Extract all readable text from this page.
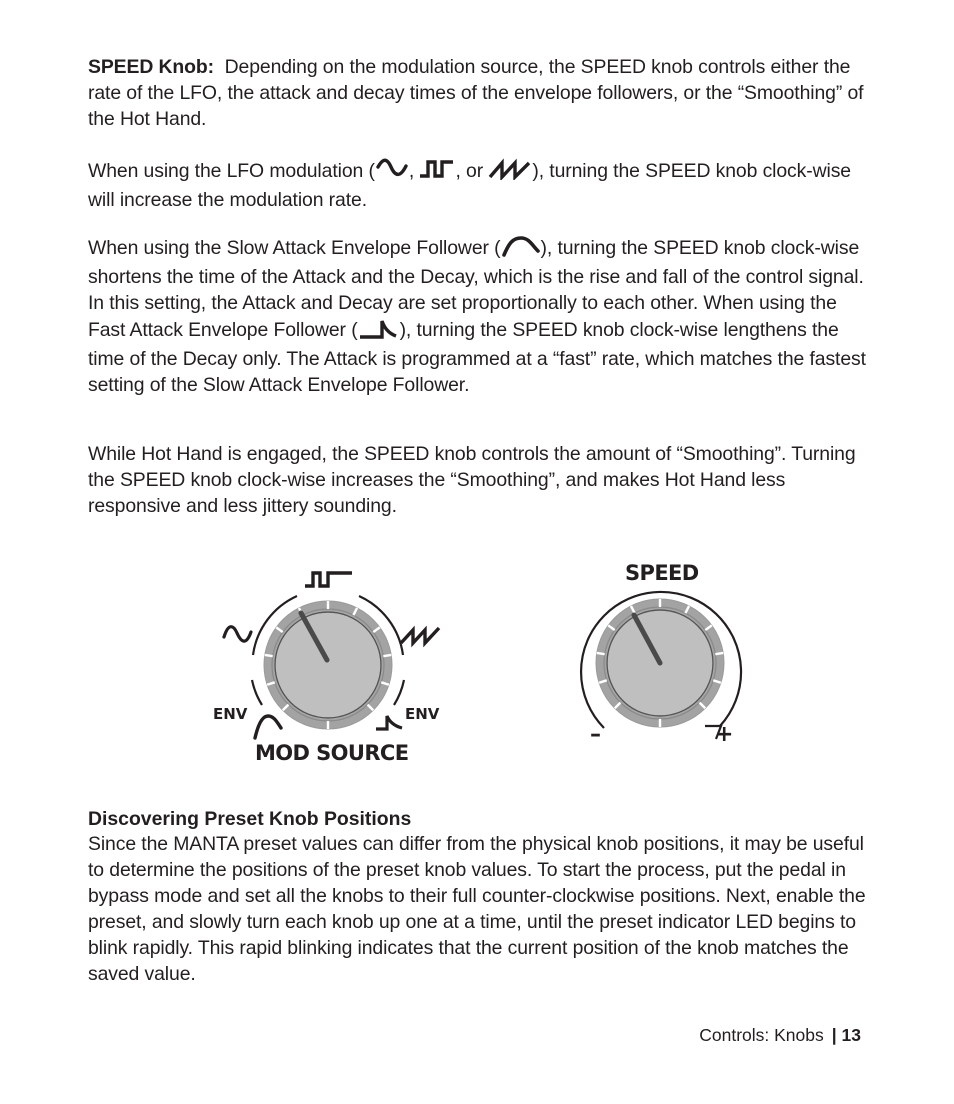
SPEED Knob: Depending on the modulation source, the SPEED knob controls either the rate of the LFO, the attack and decay times of the envelope followers, or the “Smoothing” of the Hot Hand.

When using the LFO modulation ( , , or	), turning the SPEED knob clock-wise will increase the modulation rate.

When using the Slow Attack Envelope Follower ( ), turning the SPEED knob clock-wise shortens the time of the Attack and the Decay, which is the rise and fall of the control signal. In this setting, the Attack and Decay are set proportionally to each other. When using the Fast Attack Envelope Follower ( ), turning the SPEED knob clock-wise lengthens the time of the Decay only. The Attack is programmed at a “fast” rate, which matches the fastest setting of the Slow Attack Envelope Follower.

While Hot Hand is engaged, the SPEED knob controls the amount of “Smoothing”. Turning the SPEED knob clock-wise increases the “Smoothing”, and makes Hot Hand less responsive and less jittery sounding.

ENV	ENV
MOD SOURCE
SPEED
–	+
Discovering Preset Knob Positions

Since the MANTA preset values can differ from the physical knob positions, it may be useful to determine the positions of the preset knob values. To start the process, put the pedal in bypass mode and set all the knobs to their full counter-clockwise positions. Next, enable the preset, and slowly turn each knob up one at a time, until the preset indicator LED begins to blink rapidly. This rapid blinking indicates that the current position of the knob matches the saved value.

Controls: Knobs | 13
